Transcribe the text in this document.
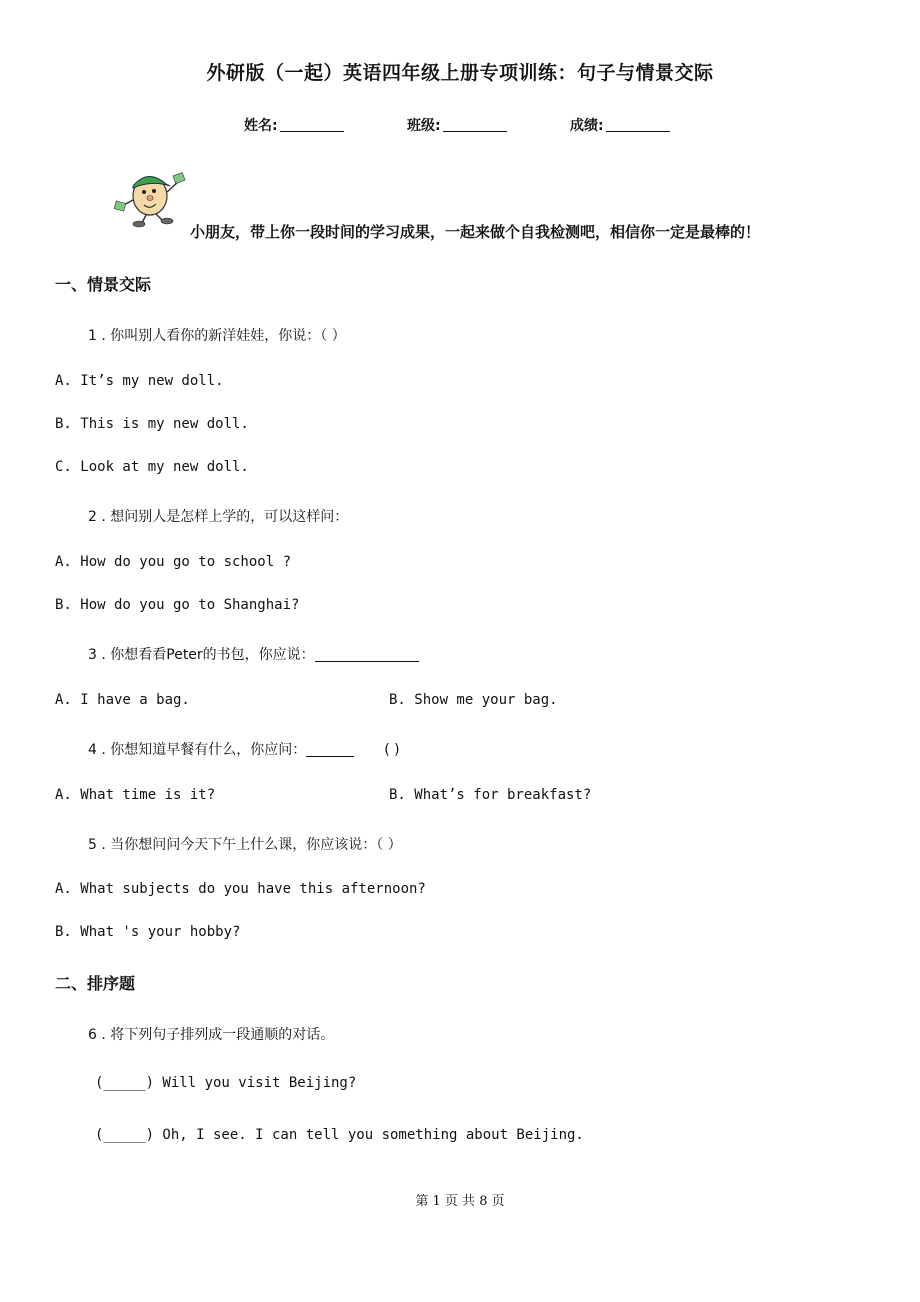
外研版（一起）英语四年级上册专项训练：句子与情景交际
姓名:	班级:	成绩:
小朋友，带上你一段时间的学习成果，一起来做个自我检测吧，相信你一定是最棒的！
一、情景交际
1 . 你叫别人看你的新洋娃娃，你说：（ ）
A. It’s my new doll.
B. This is my new doll.
C. Look at my new doll.
2 . 想问别人是怎样上学的，可以这样问：
A. How do you go to school ?
B. How do you go to Shanghai?
3 . 你想看看Peter的书包，你应说：
A. I have a bag.	B. Show me your bag.
4 . 你想知道早餐有什么，你应问：	( )
A. What time is it?	B. What’s for breakfast?
5 . 当你想问问今天下午上什么课，你应该说：（ ）
A. What subjects do you have this afternoon?
B. What 's your hobby?
二、排序题
6 . 将下列句子排列成一段通顺的对话。
(_____) Will you visit Beijing?
(_____) Oh, I see. I can tell you something about Beijing.
第 1 页 共 8 页
